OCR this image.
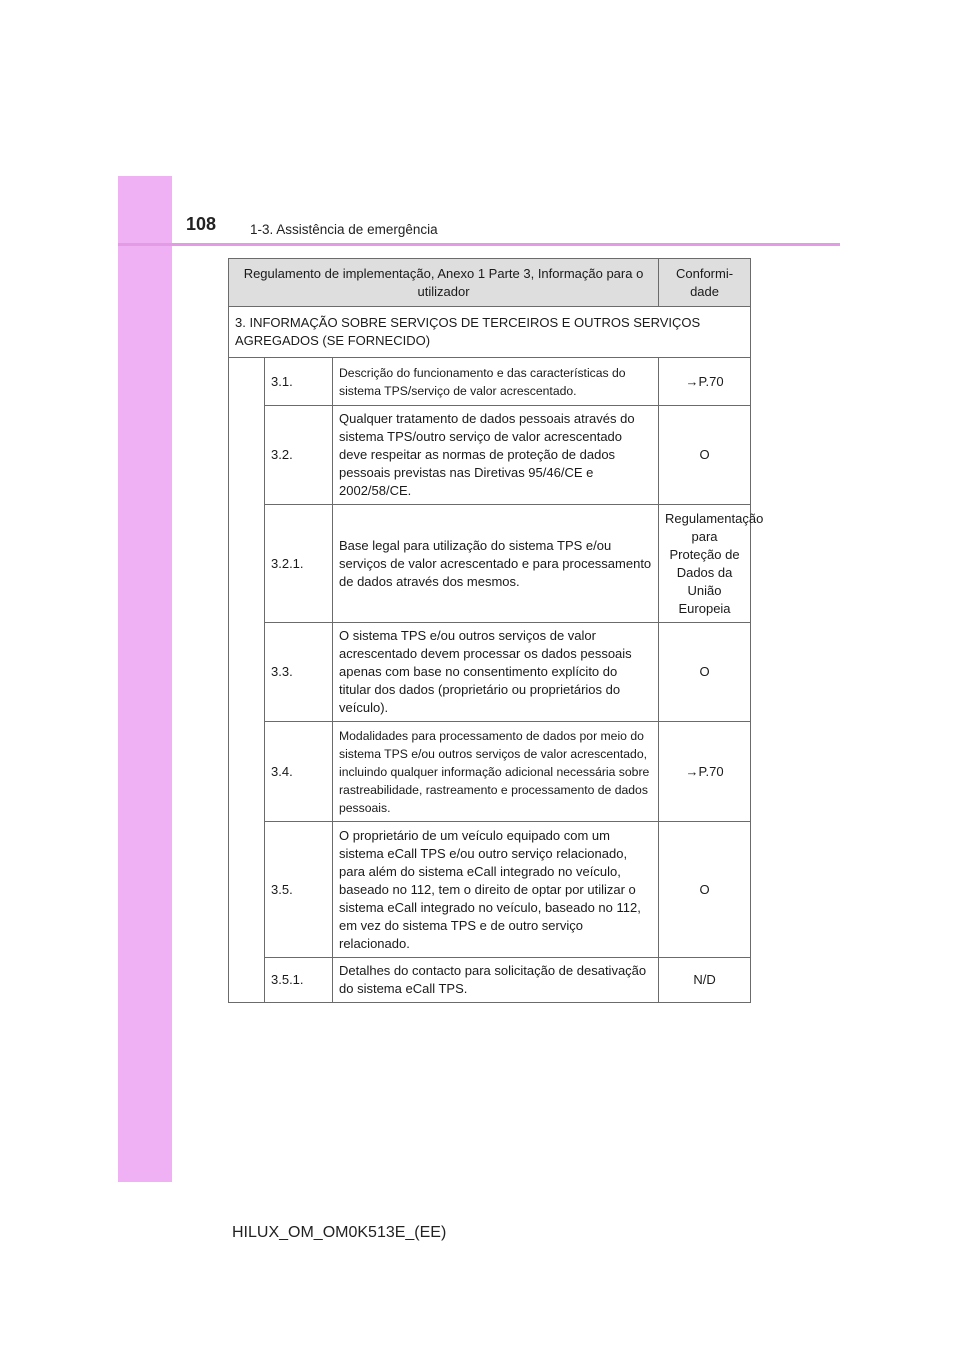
108	1-3. Assistência de emergência
Regulamento de implementação, Anexo 1 Parte 3, Informação para o utilizador			Conformi-dade
3. INFORMAÇÃO SOBRE SERVIÇOS DE TERCEIROS E OUTROS SERVIÇOS AGREGADOS (SE FORNECIDO)			
	3.1.	Descrição do funcionamento e das características do sistema TPS/serviço de valor acrescentado.	→P.70
	3.2.	Qualquer tratamento de dados pessoais através do sistema TPS/outro serviço de valor acrescentado deve respeitar as normas de proteção de dados pessoais previstas nas Diretivas 95/46/CE e 2002/58/CE.	O
	3.2.1.	Base legal para utilização do sistema TPS e/ou serviços de valor acrescentado e para processamento de dados através dos mesmos.	Regulamentação para Proteção de Dados da União Europeia
	3.3.	O sistema TPS e/ou outros serviços de valor acrescentado devem processar os dados pessoais apenas com base no consentimento explícito do titular dos dados (proprietário ou proprietários do veículo).	O
	3.4.	Modalidades para processamento de dados por meio do sistema TPS e/ou outros serviços de valor acrescentado, incluindo qualquer informação adicional necessária sobre rastreabilidade, rastreamento e processamento de dados pessoais.	→P.70
	3.5.	O proprietário de um veículo equipado com um sistema eCall TPS e/ou outro serviço relacionado, para além do sistema eCall integrado no veículo, baseado no 112, tem o direito de optar por utilizar o sistema eCall integrado no veículo, baseado no 112, em vez do sistema TPS e de outro serviço relacionado.	O
	3.5.1.	Detalhes do contacto para solicitação de desativação do sistema eCall TPS.	N/D
HILUX_OM_OM0K513E_(EE)
